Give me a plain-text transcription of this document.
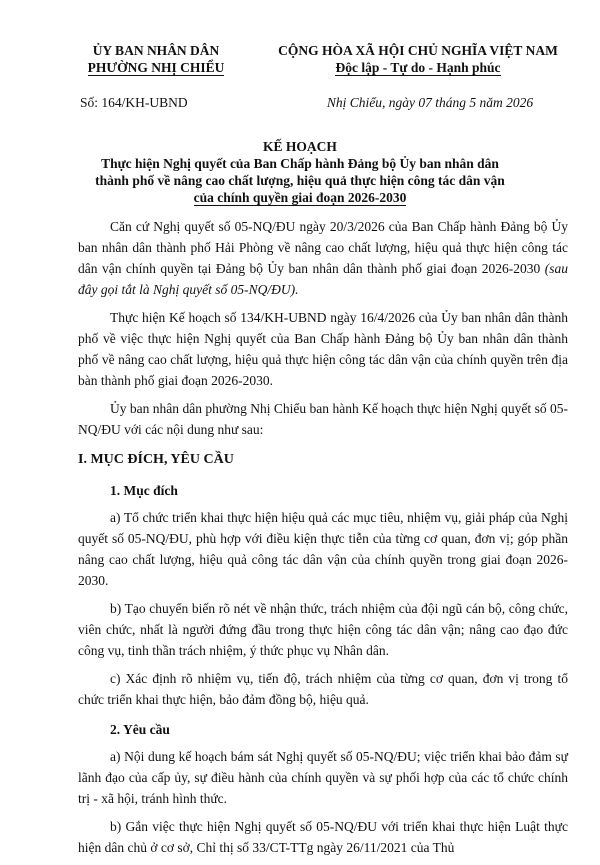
ỦY BAN NHÂN DÂN
PHƯỜNG NHỊ CHIỂU
CỘNG HÒA XÃ HỘI CHỦ NGHĨA VIỆT NAM
Độc lập - Tự do - Hạnh phúc
Số: 164/KH-UBND	Nhị Chiểu, ngày 07 tháng 5 năm 2026
KẾ HOẠCH
Thực hiện Nghị quyết của Ban Chấp hành Đảng bộ Ủy ban nhân dân
thành phố về nâng cao chất lượng, hiệu quả thực hiện công tác dân vận
của chính quyền giai đoạn 2026-2030

Căn cứ Nghị quyết số 05-NQ/ĐU ngày 20/3/2026 của Ban Chấp hành Đảng bộ Ủy ban nhân dân thành phố Hải Phòng về nâng cao chất lượng, hiệu quả thực hiện công tác dân vận chính quyền tại Đảng bộ Ủy ban nhân dân thành phố giai đoạn 2026-2030 (sau đây gọi tắt là Nghị quyết số 05-NQ/ĐU).

Thực hiện Kế hoạch số 134/KH-UBND ngày 16/4/2026 của Ủy ban nhân dân thành phố về việc thực hiện Nghị quyết của Ban Chấp hành Đảng bộ Ủy ban nhân dân thành phố về nâng cao chất lượng, hiệu quả thực hiện công tác dân vận của chính quyền trên địa bàn thành phố giai đoạn 2026-2030.

Ủy ban nhân dân phường Nhị Chiểu ban hành Kế hoạch thực hiện Nghị quyết số 05-NQ/ĐU với các nội dung như sau:

I. MỤC ĐÍCH, YÊU CẦU
1. Mục đích

a) Tổ chức triển khai thực hiện hiệu quả các mục tiêu, nhiệm vụ, giải pháp của Nghị quyết số 05-NQ/ĐU, phù hợp với điều kiện thực tiễn của từng cơ quan, đơn vị; góp phần nâng cao chất lượng, hiệu quả công tác dân vận của chính quyền trong giai đoạn 2026-2030.

b) Tạo chuyển biến rõ nét về nhận thức, trách nhiệm của đội ngũ cán bộ, công chức, viên chức, nhất là người đứng đầu trong thực hiện công tác dân vận; nâng cao đạo đức công vụ, tinh thần trách nhiệm, ý thức phục vụ Nhân dân.

c) Xác định rõ nhiệm vụ, tiến độ, trách nhiệm của từng cơ quan, đơn vị trong tổ chức triển khai thực hiện, bảo đảm đồng bộ, hiệu quả.

2. Yêu cầu

a) Nội dung kế hoạch bám sát Nghị quyết số 05-NQ/ĐU; việc triển khai bảo đảm sự lãnh đạo của cấp ủy, sự điều hành của chính quyền và sự phối hợp của các tổ chức chính trị - xã hội, tránh hình thức.

b) Gắn việc thực hiện Nghị quyết số 05-NQ/ĐU với triển khai thực hiện Luật thực hiện dân chủ ở cơ sở, Chỉ thị số 33/CT-TTg ngày 26/11/2021 của Thủ
